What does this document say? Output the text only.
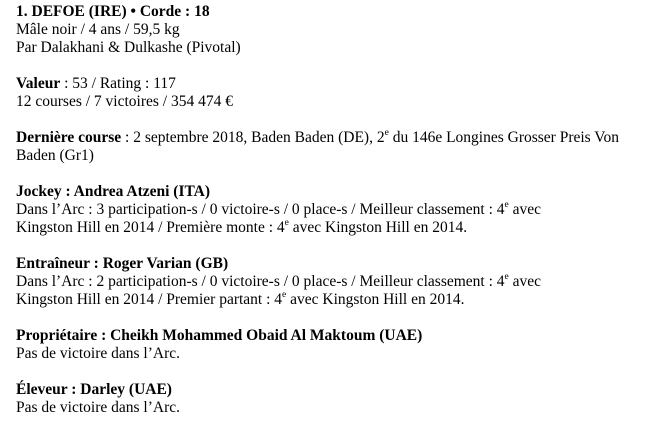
1. DEFOE (IRE) • Corde : 18
Mâle noir / 4 ans / 59,5 kg
Par Dalakhani & Dulkashe (Pivotal)
Valeur : 53 / Rating : 117
12 courses / 7 victoires / 354 474 €
Dernière course : 2 septembre 2018, Baden Baden (DE), 2e du 146e Longines Grosser Preis Von Baden (Gr1)
Jockey : Andrea Atzeni (ITA)
Dans l’Arc : 3 participation-s / 0 victoire-s / 0 place-s / Meilleur classement : 4e avec
Kingston Hill en 2014 / Première monte : 4e avec Kingston Hill en 2014.
Entraîneur : Roger Varian (GB)
Dans l’Arc : 2 participation-s / 0 victoire-s / 0 place-s / Meilleur classement : 4e avec
Kingston Hill en 2014 / Premier partant : 4e avec Kingston Hill en 2014.
Propriétaire : Cheikh Mohammed Obaid Al Maktoum (UAE)
Pas de victoire dans l’Arc.
Éleveur : Darley (UAE)
Pas de victoire dans l’Arc.
